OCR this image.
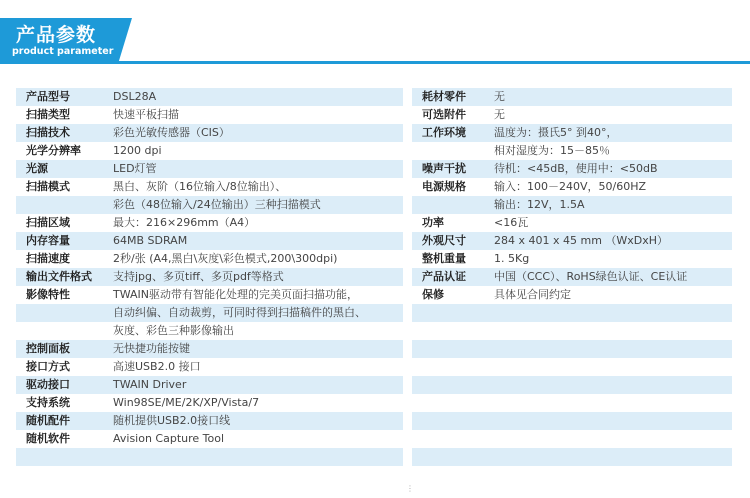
产品参数
product parameter
产品型号	DSL28A
扫描类型	快速平板扫描
扫描技术	彩色光敏传感器（CIS）
光学分辨率	1200 dpi
光源	LED灯管
扫描模式	黑白、灰阶（16位输入/8位输出）、
彩色（48位输入/24位输出）三种扫描模式
扫描区域	最大：216×296mm（A4）
内存容量	64MB SDRAM
扫描速度	2秒/张 (A4,黑白\灰度\彩色模式,200\300dpi)
输出文件格式	支持jpg、多页tiff、多页pdf等格式
影像特性	TWAIN驱动带有智能化处理的完美页面扫描功能，
自动纠偏、自动裁剪，可同时得到扫描稿件的黑白、
灰度、彩色三种影像输出
控制面板	无快捷功能按键
接口方式	高速USB2.0 接口
驱动接口	TWAIN Driver
支持系统	Win98SE/ME/2K/XP/Vista/7
随机配件	随机提供USB2.0接口线
随机软件	Avision Capture Tool
耗材零件	无
可选附件	无
工作环境	温度为：摄氏5° 到40°，
相对湿度为：15－85％
噪声干扰	待机：<45dB，使用中：<50dB
电源规格	输入：100－240V，50/60HZ
输出：12V，1.5A
功率	<16瓦
外观尺寸	284 x 401 x 45 mm （WxDxH）
整机重量	1. 5Kg
产品认证	中国（CCC）、RoHS绿色认证、CE认证
保修	具体见合同约定
⋮
